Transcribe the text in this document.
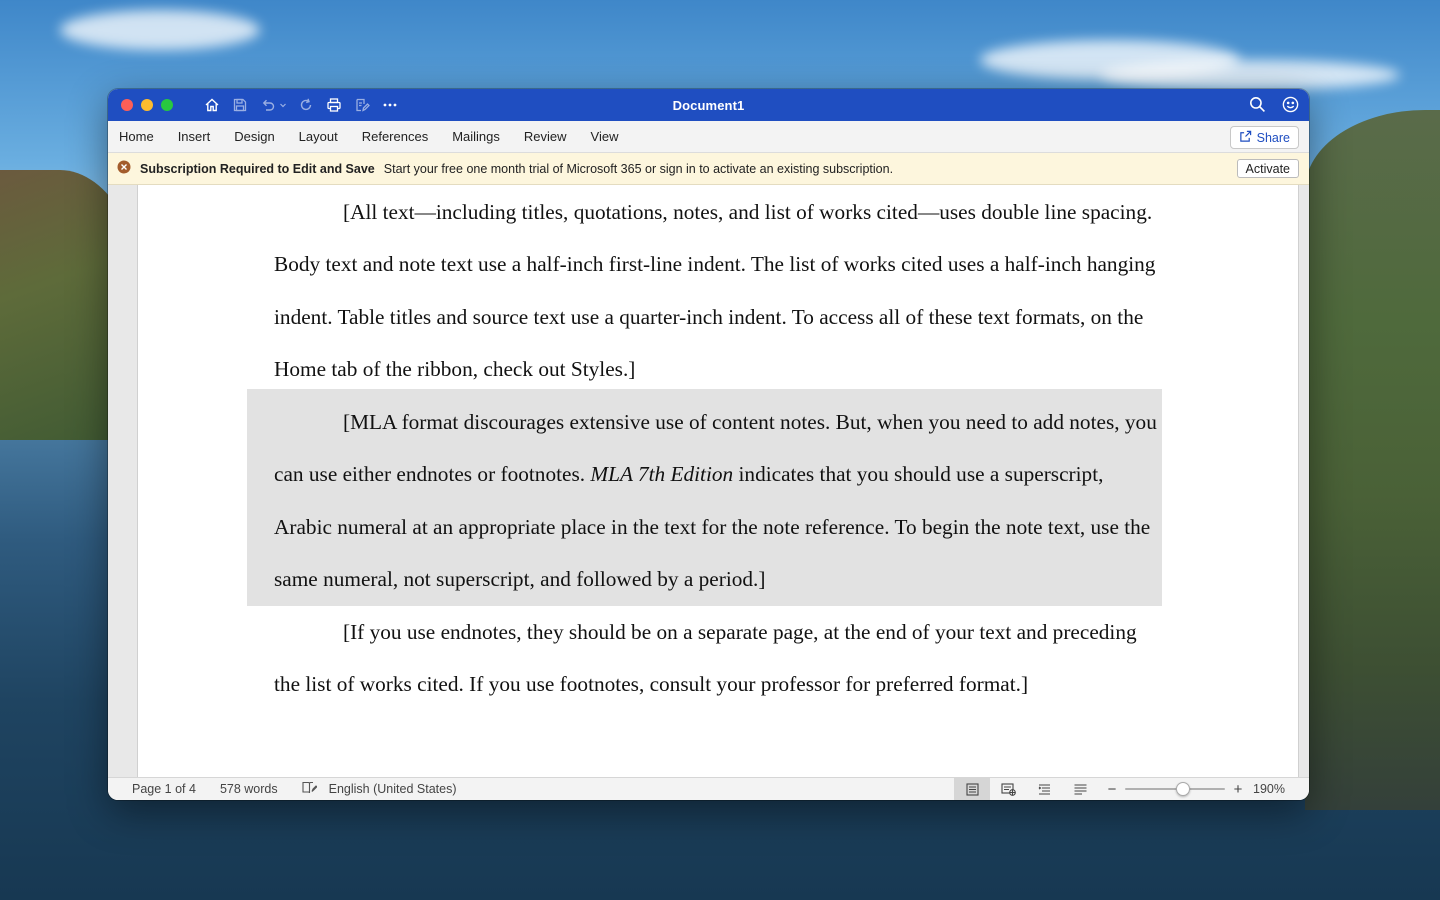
Document1
Home Insert Design Layout References Mailings Review View	Share
Subscription Required to Edit and Save Start your free one month trial of Microsoft 365 or sign in to activate an existing subscription.	Activate

[All text—including titles, quotations, notes, and list of works cited—uses double line spacing. Body text and note text use a half-inch first-line indent. The list of works cited uses a half-inch hanging indent. Table titles and source text use a quarter-inch indent. To access all of these text formats, on the Home tab of the ribbon, check out Styles.]

[MLA format discourages extensive use of content notes. But, when you need to add notes, you can use either endnotes or footnotes. MLA 7th Edition indicates that you should use a superscript, Arabic numeral at an appropriate place in the text for the note reference. To begin the note text, use the same numeral, not superscript, and followed by a period.]

[If you use endnotes, they should be on a separate page, at the end of your text and preceding the list of works cited. If you use footnotes, consult your professor for preferred format.]

Page 1 of 4 578 words	English (United States)	−	+ 190%
